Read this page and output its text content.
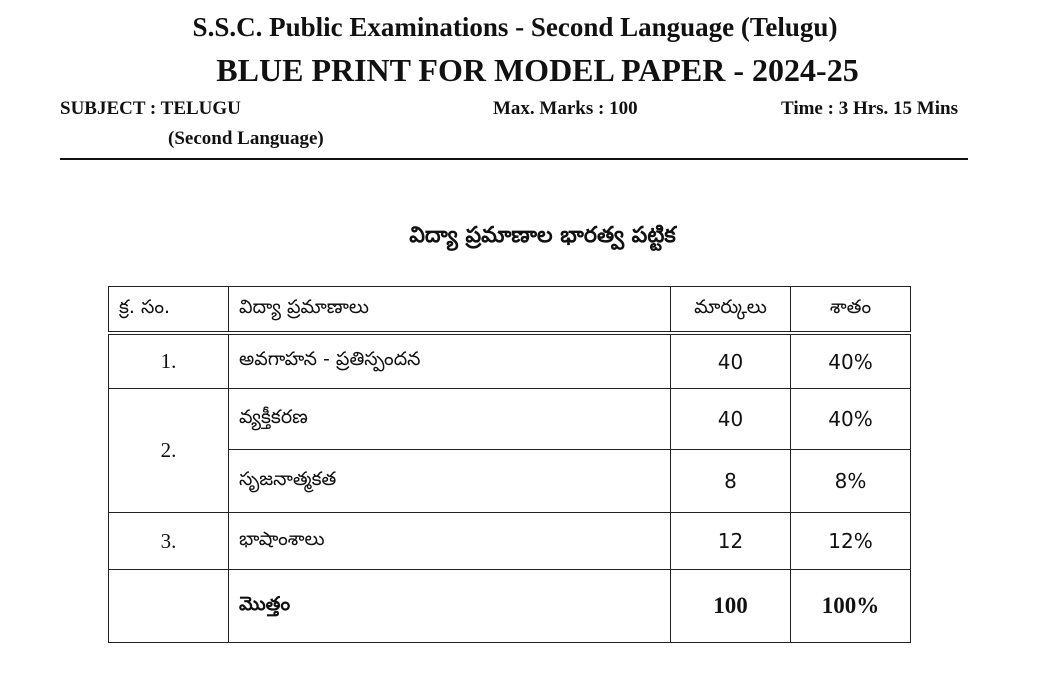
S.S.C. Public Examinations - Second Language (Telugu)
BLUE PRINT FOR MODEL PAPER - 2024-25
SUBJECT : TELUGU
(Second Language)
Max. Marks : 100	Time : 3 Hrs. 15 Mins
విద్యా ప్రమాణాల భారత్వ పట్టిక
క్ర. సం.	విద్యా ప్రమాణాలు	మార్కులు	శాతం
1.	అవగాహన - ప్రతిస్పందన	40	40%
2.	వ్యక్తీకరణ	40	40%
	సృజనాత్మకత	8	8%
3.	భాషాంశాలు	12	12%
	మొత్తం	100	100%
